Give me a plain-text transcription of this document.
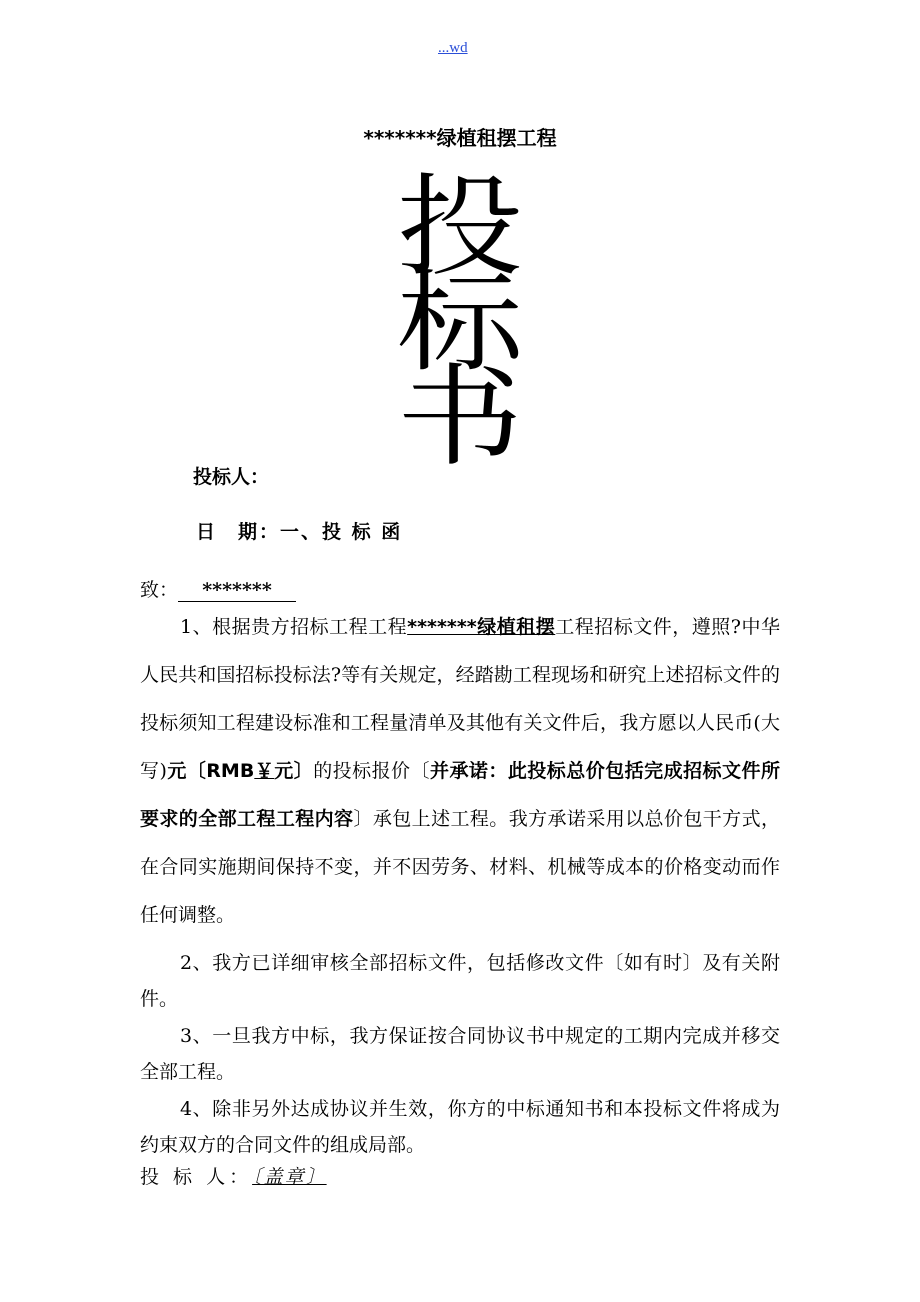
...wd
*******绿植租摆工程
投
标
书
投标人：
日　期：一、投 标 函
致： *******
1、根据贵方招标工程工程*******绿植租摆工程招标文件，遵照?中华人民共和国招标投标法?等有关规定，经踏勘工程现场和研究上述招标文件的投标须知工程建设标准和工程量清单及其他有关文件后，我方愿以人民币(大写)元〔RMB￥元〕的投标报价〔并承诺：此投标总价包括完成招标文件所要求的全部工程工程内容〕承包上述工程。我方承诺采用以总价包干方式，在合同实施期间保持不变，并不因劳务、材料、机械等成本的价格变动而作任何调整。
2、我方已详细审核全部招标文件，包括修改文件〔如有时〕及有关附件。
3、一旦我方中标，我方保证按合同协议书中规定的工期内完成并移交全部工程。
4、除非另外达成协议并生效，你方的中标通知书和本投标文件将成为约束双方的合同文件的组成局部。
投 标 人：〔盖章〕
